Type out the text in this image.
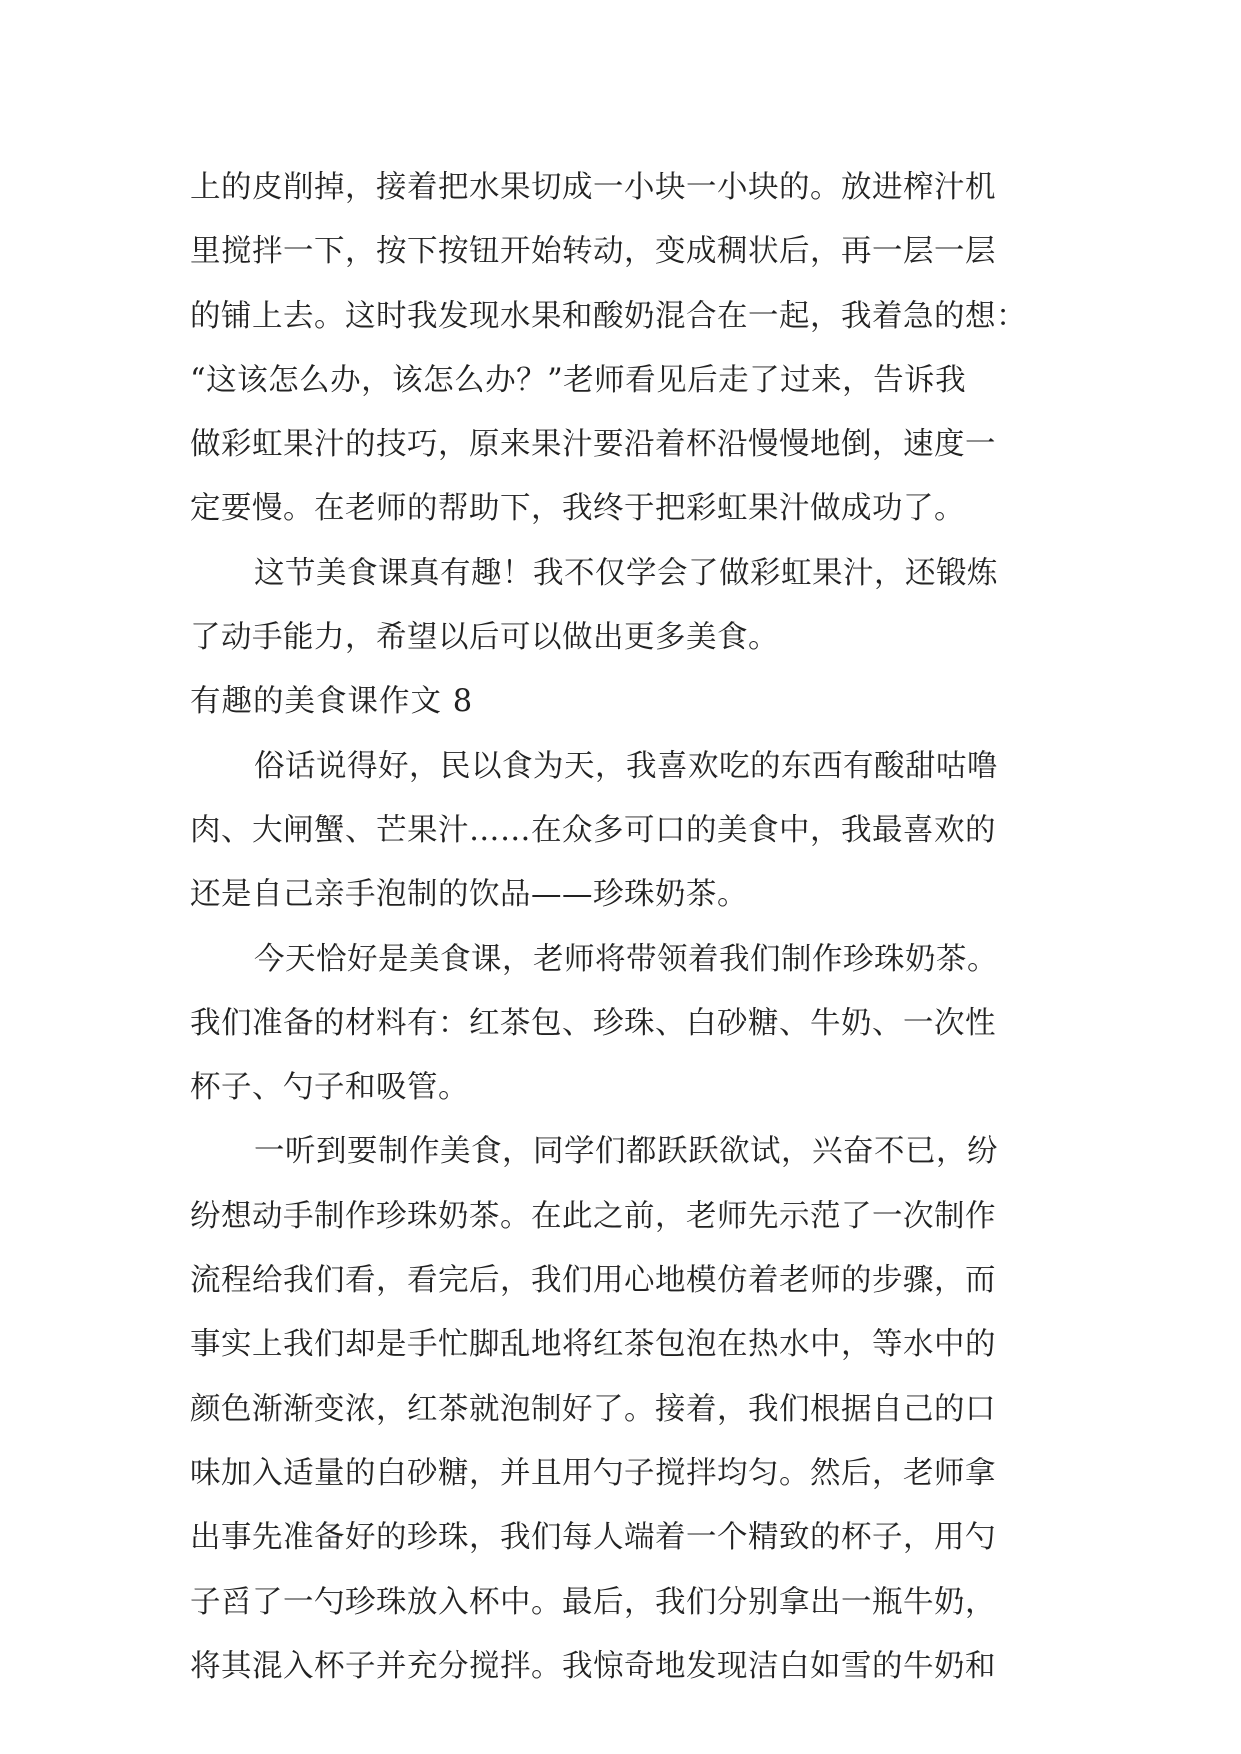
上的皮削掉，接着把水果切成一小块一小块的。放进榨汁机
里搅拌一下，按下按钮开始转动，变成稠状后，再一层一层
的铺上去。这时我发现水果和酸奶混合在一起，我着急的想：
“这该怎么办，该怎么办？”老师看见后走了过来，告诉我
做彩虹果汁的技巧，原来果汁要沿着杯沿慢慢地倒，速度一
定要慢。在老师的帮助下，我终于把彩虹果汁做成功了。
这节美食课真有趣！我不仅学会了做彩虹果汁，还锻炼
了动手能力，希望以后可以做出更多美食。
有趣的美食课作文 8
俗话说得好，民以食为天，我喜欢吃的东西有酸甜咕噜
肉、大闸蟹、芒果汁……在众多可口的美食中，我最喜欢的
还是自己亲手泡制的饮品——珍珠奶茶。
今天恰好是美食课，老师将带领着我们制作珍珠奶茶。
我们准备的材料有：红茶包、珍珠、白砂糖、牛奶、一次性
杯子、勺子和吸管。
一听到要制作美食，同学们都跃跃欲试，兴奋不已，纷
纷想动手制作珍珠奶茶。在此之前，老师先示范了一次制作
流程给我们看，看完后，我们用心地模仿着老师的步骤，而
事实上我们却是手忙脚乱地将红茶包泡在热水中，等水中的
颜色渐渐变浓，红茶就泡制好了。接着，我们根据自己的口
味加入适量的白砂糖，并且用勺子搅拌均匀。然后，老师拿
出事先准备好的珍珠，我们每人端着一个精致的杯子，用勺
子舀了一勺珍珠放入杯中。最后，我们分别拿出一瓶牛奶，
将其混入杯子并充分搅拌。我惊奇地发现洁白如雪的牛奶和
